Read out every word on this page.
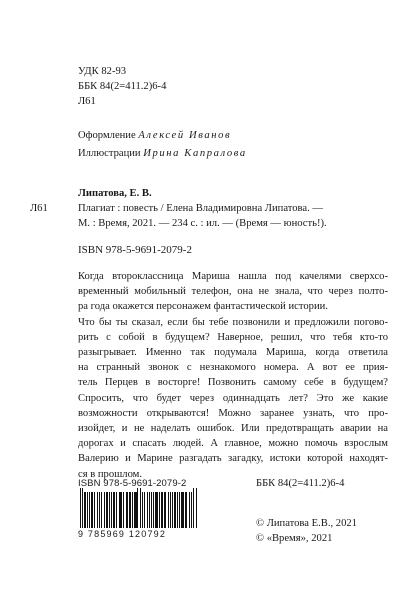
УДК 82-93
ББК 84(2=411.2)6-4
Л61
Оформление Алексей Иванов
Иллюстрации Ирина Капралова
Липатова, Е. В.
Л61	Плагиат : повесть / Елена Владимировна Липатова. —
М. : Время, 2021. — 234 с. : ил. — (Время — юность!).
ISBN 978-5-9691-2079-2
Когда второклассница Мариша нашла под качелями сверхсо-
временный мобильный телефон, она не знала, что через полто-
ра года окажется персонажем фантастической истории.
Что бы ты сказал, если бы тебе позвонили и предложили погово-
рить с собой в будущем? Наверное, решил, что тебя кто-то
разыгрывает. Именно так подумала Мариша, когда ответила
на странный звонок с незнакомого номера. А вот ее прия-
тель Перцев в восторге! Позвонить самому себе в будущем?
Спросить, что будет через одиннадцать лет? Это же какие
возможности открываются! Можно заранее узнать, что про-
изойдет, и не наделать ошибок. Или предотвращать аварии на
дорогах и спасать людей. А главное, можно помочь взрослым
Валерию и Марине разгадать загадку, истоки которой находят-
ся в прошлом.
ISBN 978-5-9691-2079-2
9 785969 120792
ББК 84(2=411.2)6-4
© Липатова Е.В., 2021
© «Время», 2021
